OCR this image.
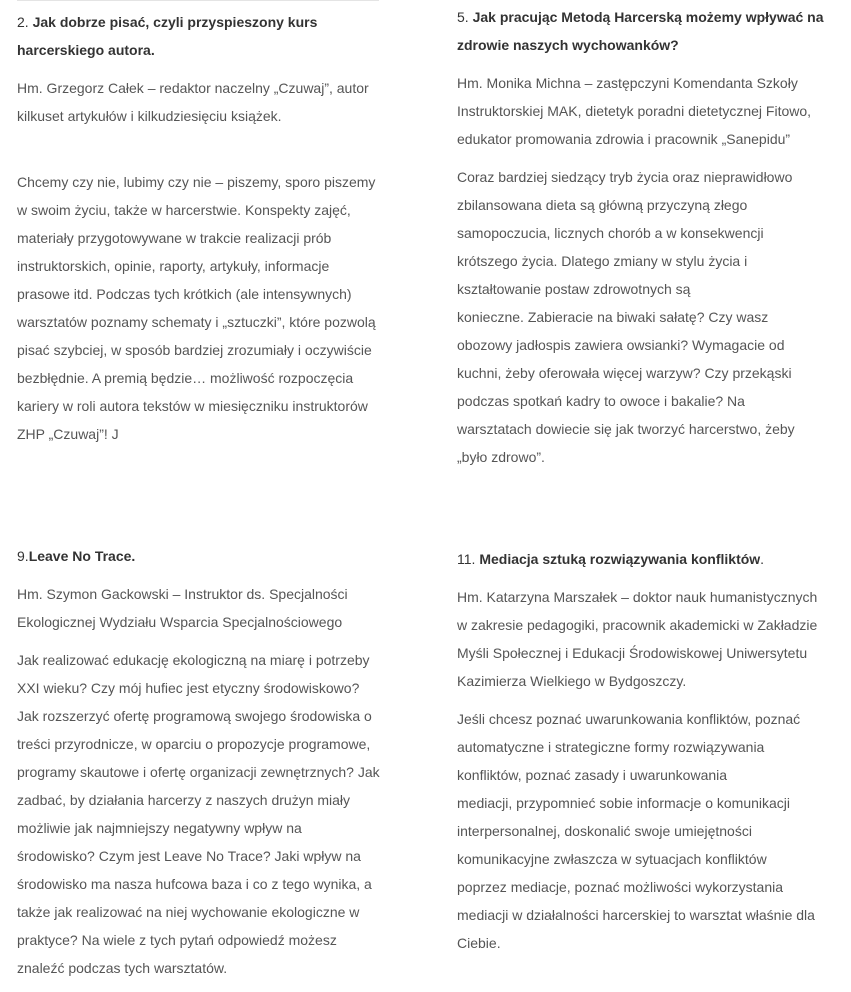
2. Jak dobrze pisać, czyli przyspieszony kurs
harcerskiego autora.

Hm. Grzegorz Całek – redaktor naczelny „Czuwaj”, autor
kilkuset artykułów i kilkudziesięciu książek.

Chcemy czy nie, lubimy czy nie – piszemy, sporo piszemy
w swoim życiu, także w harcerstwie. Konspekty zajęć,
materiały przygotowywane w trakcie realizacji prób
instruktorskich, opinie, raporty, artykuły, informacje
prasowe itd. Podczas tych krótkich (ale intensywnych)
warsztatów poznamy schematy i „sztuczki”, które pozwolą
pisać szybciej, w sposób bardziej zrozumiały i oczywiście
bezbłędnie. A premią będzie… możliwość rozpoczęcia
kariery w roli autora tekstów w miesięczniku instruktorów
ZHP „Czuwaj”! J

5. Jak pracując Metodą Harcerską możemy wpływać na
zdrowie naszych wychowanków?

Hm. Monika Michna – zastępczyni Komendanta Szkoły
Instruktorskiej MAK, dietetyk poradni dietetycznej Fitowo,
edukator promowania zdrowia i pracownik „Sanepidu”

Coraz bardziej siedzący tryb życia oraz nieprawidłowo
zbilansowana dieta są główną przyczyną złego
samopoczucia, licznych chorób a w konsekwencji
krótszego życia. Dlatego zmiany w stylu życia i
kształtowanie postaw zdrowotnych są
konieczne. Zabieracie na biwaki sałatę? Czy wasz
obozowy jadłospis zawiera owsianki? Wymagacie od
kuchni, żeby oferowała więcej warzyw? Czy przekąski
podczas spotkań kadry to owoce i bakalie? Na
warsztatach dowiecie się jak tworzyć harcerstwo, żeby
„było zdrowo”.

9.Leave No Trace.

Hm. Szymon Gackowski – Instruktor ds. Specjalności
Ekologicznej Wydziału Wsparcia Specjalnościowego

Jak realizować edukację ekologiczną na miarę i potrzeby
XXI wieku? Czy mój hufiec jest etyczny środowiskowo?
Jak rozszerzyć ofertę programową swojego środowiska o
treści przyrodnicze, w oparciu o propozycje programowe,
programy skautowe i ofertę organizacji zewnętrznych? Jak
zadbać, by działania harcerzy z naszych drużyn miały
możliwie jak najmniejszy negatywny wpływ na
środowisko? Czym jest Leave No Trace? Jaki wpływ na
środowisko ma nasza hufcowa baza i co z tego wynika, a
także jak realizować na niej wychowanie ekologiczne w
praktyce? Na wiele z tych pytań odpowiedź możesz
znaleźć podczas tych warsztatów.

11. Mediacja sztuką rozwiązywania konfliktów.

Hm. Katarzyna Marszałek – doktor nauk humanistycznych
w zakresie pedagogiki, pracownik akademicki w Zakładzie
Myśli Społecznej i Edukacji Środowiskowej Uniwersytetu
Kazimierza Wielkiego w Bydgoszczy.

Jeśli chcesz poznać uwarunkowania konfliktów, poznać
automatyczne i strategiczne formy rozwiązywania
konfliktów, poznać zasady i uwarunkowania
mediacji, przypomnieć sobie informacje o komunikacji
interpersonalnej, doskonalić swoje umiejętności
komunikacyjne zwłaszcza w sytuacjach konfliktów
poprzez mediacje, poznać możliwości wykorzystania
mediacji w działalności harcerskiej to warsztat właśnie dla
Ciebie.
